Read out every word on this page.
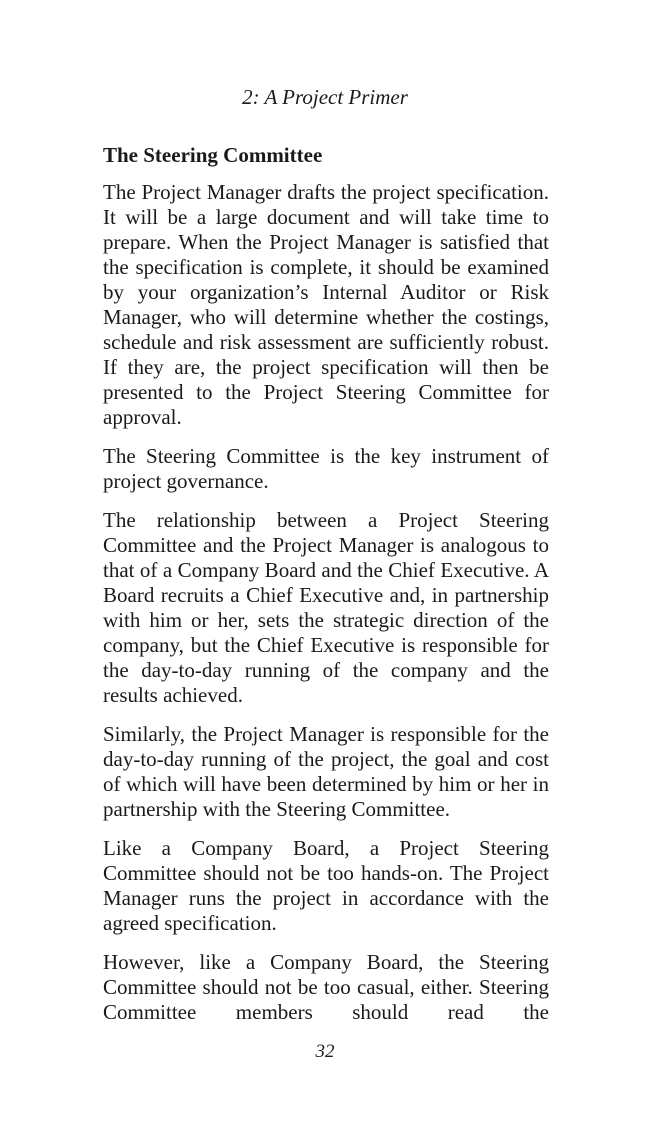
2: A Project Primer
The Steering Committee

The Project Manager drafts the project specification. It will be a large document and will take time to prepare. When the Project Manager is satisfied that the specification is complete, it should be examined by your organization’s Internal Auditor or Risk Manager, who will determine whether the costings, schedule and risk assessment are sufficiently robust. If they are, the project specification will then be presented to the Project Steering Committee for approval.

The Steering Committee is the key instrument of project governance.

The relationship between a Project Steering Committee and the Project Manager is analogous to that of a Company Board and the Chief Executive. A Board recruits a Chief Executive and, in partnership with him or her, sets the strategic direction of the company, but the Chief Executive is responsible for the day-to-day running of the company and the results achieved.

Similarly, the Project Manager is responsible for the day-to-day running of the project, the goal and cost of which will have been determined by him or her in partnership with the Steering Committee.

Like a Company Board, a Project Steering Committee should not be too hands-on. The Project Manager runs the project in accordance with the agreed specification.

However, like a Company Board, the Steering Committee should not be too casual, either. Steering Committee members should read the

32
